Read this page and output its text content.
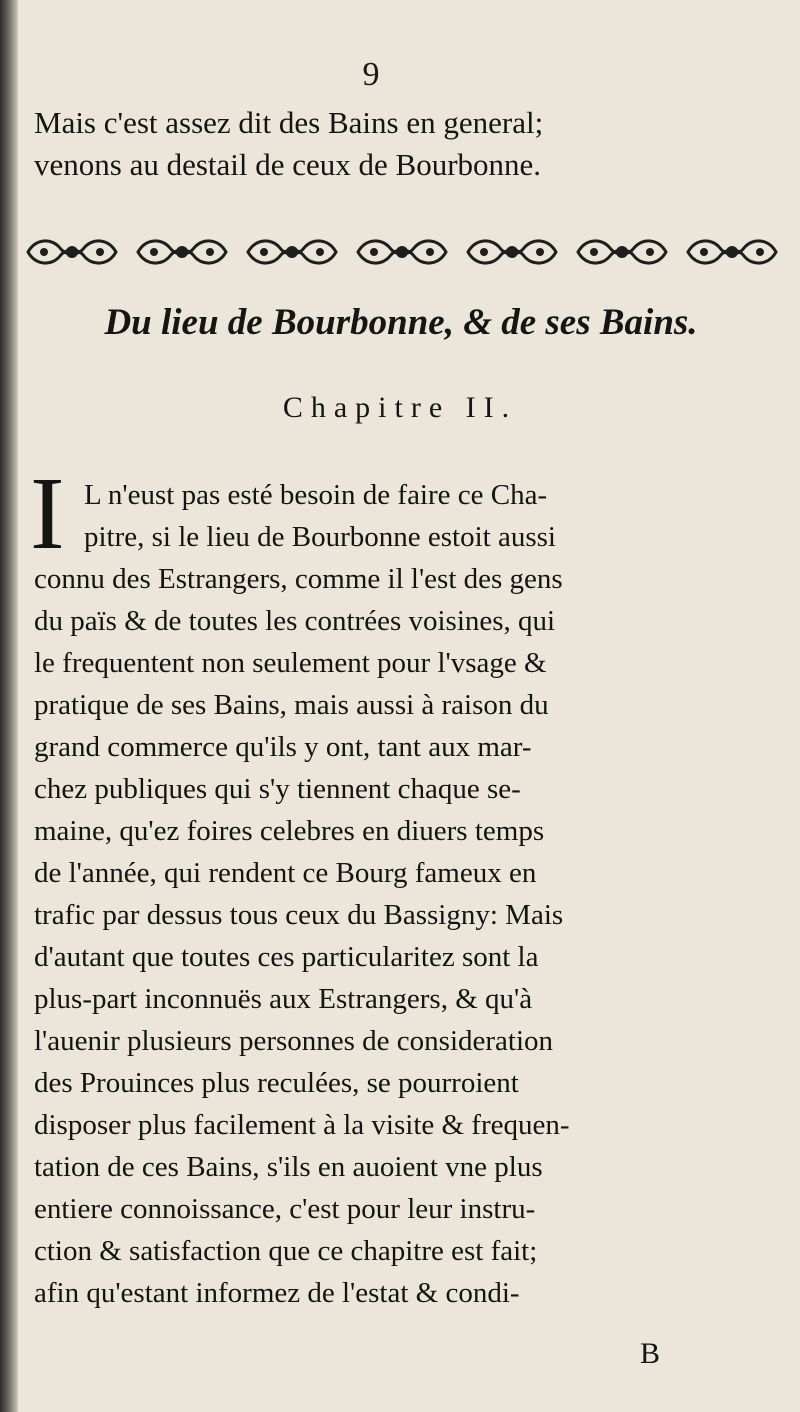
9
Mais c'est assez dit des Bains en general;
venons au destail de ceux de Bourbonne.
Du lieu de Bourbonne, & de ses Bains.
Chapitre II.
I L n'eust pas esté besoin de faire ce Cha-
pitre, si le lieu de Bourbonne estoit aussi
connu des Estrangers, comme il l'est des gens
du païs & de toutes les contrées voisines, qui
le frequentent non seulement pour l'vsage &
pratique de ses Bains, mais aussi à raison du
grand commerce qu'ils y ont, tant aux mar-
chez publiques qui s'y tiennent chaque se-
maine, qu'ez foires celebres en diuers temps
de l'année, qui rendent ce Bourg fameux en
trafic par dessus tous ceux du Bassigny: Mais
d'autant que toutes ces particularitez sont la
plus-part inconnuës aux Estrangers, & qu'à
l'auenir plusieurs personnes de consideration
des Prouinces plus reculées, se pourroient
disposer plus facilement à la visite & frequen-
tation de ces Bains, s'ils en auoient vne plus
entiere connoissance, c'est pour leur instru-
ction & satisfaction que ce chapitre est fait;
afin qu'estant informez de l'estat & condi-
B
